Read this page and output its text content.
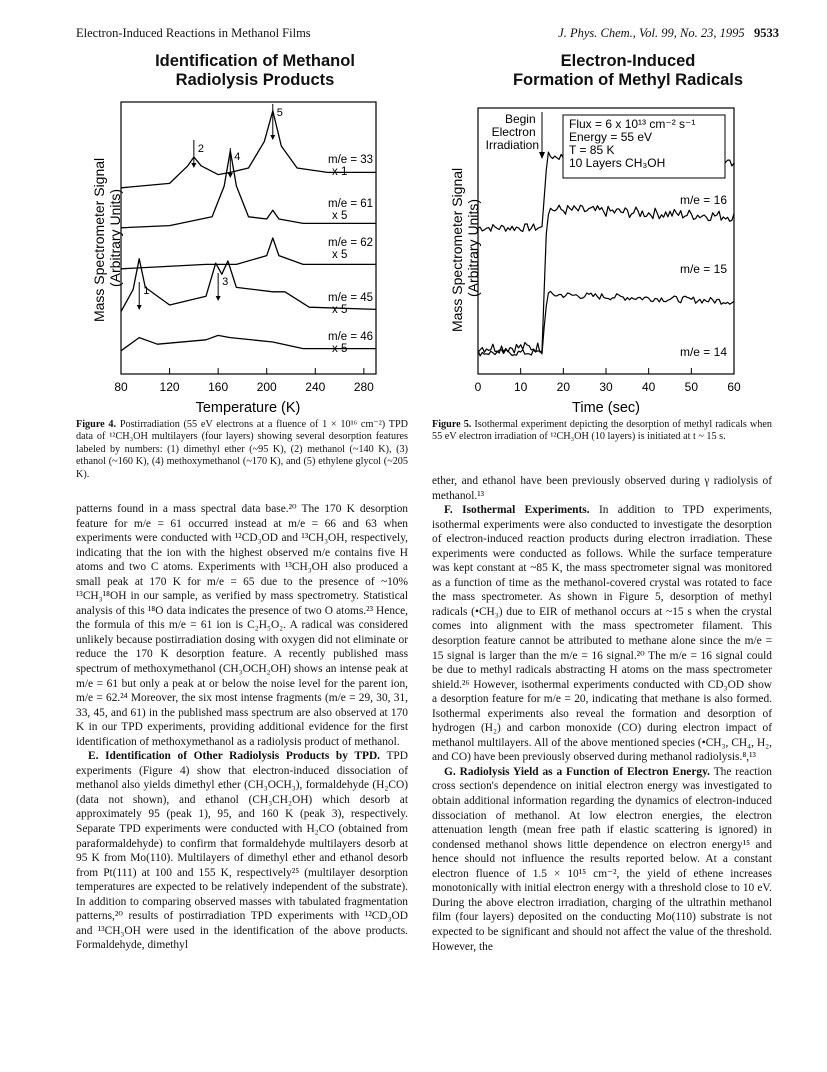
Electron-Induced Reactions in Methanol Films	J. Phys. Chem., Vol. 99, No. 23, 1995 9533
Identification of Methanol
Radiolysis Products
80	120 160 200 240 280
1
2
3
4
5
m/e = 33
x 1
m/e = 61
x 5
m/e = 62
x 5
m/e = 45
x 5
m/e = 46
x 5
Mass Spectrometer Signal (Arbitrary Units)
Temperature (K)
Figure 4. Postirradiation (55 eV electrons at a fluence of 1 × 10¹⁶ cm⁻²) TPD data of ¹²CH₃OH multilayers (four layers) showing several desorption features labeled by numbers: (1) dimethyl ether (~95 K), (2) methanol (~140 K), (3) ethanol (~160 K), (4) methoxymethanol (~170 K), and (5) ethylene glycol (~205 K).
Electron-Induced
Formation of Methyl Radicals
0	10 20 30 40 50 60
m/e = 16
m/e = 15
m/e = 14
Begin Electron Irradiation
Flux = 6 x 10¹³ cm⁻² s⁻¹ Energy = 55 eV T = 85 K 10 Layers CH₃OH
Mass Spectrometer Signal (Arbitrary Units)
Time (sec)
Figure 5. Isothermal experiment depicting the desorption of methyl radicals when 55 eV electron irradiation of ¹²CH₃OH (10 layers) is initiated at t ~ 15 s.

patterns found in a mass spectral data base.²⁰ The 170 K desorption feature for m/e = 61 occurred instead at m/e = 66 and 63 when experiments were conducted with ¹²CD₃OD and ¹³CH₃OH, respectively, indicating that the ion with the highest observed m/e contains five H atoms and two C atoms. Experiments with ¹³CH₃OH also produced a small peak at 170 K for m/e = 65 due to the presence of ~10% ¹³CH₃¹⁸OH in our sample, as verified by mass spectrometry. Statistical analysis of this ¹⁸O data indicates the presence of two O atoms.²³ Hence, the formula of this m/e = 61 ion is C₂H₅O₂. A radical was considered unlikely because postirradiation dosing with oxygen did not eliminate or reduce the 170 K desorption feature. A recently published mass spectrum of methoxymethanol (CH₃OCH₂OH) shows an intense peak at m/e = 61 but only a peak at or below the noise level for the parent ion, m/e = 62.²⁴ Moreover, the six most intense fragments (m/e = 29, 30, 31, 33, 45, and 61) in the published mass spectrum are also observed at 170 K in our TPD experiments, providing additional evidence for the first identification of methoxymethanol as a radiolysis product of methanol.

E. Identification of Other Radiolysis Products by TPD. TPD experiments (Figure 4) show that electron-induced dissociation of methanol also yields dimethyl ether (CH₃OCH₃), formaldehyde (H₂CO) (data not shown), and ethanol (CH₃CH₂OH) which desorb at approximately 95 (peak 1), 95, and 160 K (peak 3), respectively. Separate TPD experiments were conducted with H₂CO (obtained from paraformaldehyde) to confirm that formaldehyde multilayers desorb at 95 K from Mo(110). Multilayers of dimethyl ether and ethanol desorb from Pt(111) at 100 and 155 K, respectively²⁵ (multilayer desorption temperatures are expected to be relatively independent of the substrate). In addition to comparing observed masses with tabulated fragmentation patterns,²⁰ results of postirradiation TPD experiments with ¹²CD₃OD and ¹³CH₃OH were used in the identification of the above products. Formaldehyde, dimethyl

ether, and ethanol have been previously observed during γ radiolysis of methanol.¹³

F. Isothermal Experiments. In addition to TPD experiments, isothermal experiments were also conducted to investigate the desorption of electron-induced reaction products during electron irradiation. These experiments were conducted as follows. While the surface temperature was kept constant at ~85 K, the mass spectrometer signal was monitored as a function of time as the methanol-covered crystal was rotated to face the mass spectrometer. As shown in Figure 5, desorption of methyl radicals (•CH₃) due to EIR of methanol occurs at ~15 s when the crystal comes into alignment with the mass spectrometer filament. This desorption feature cannot be attributed to methane alone since the m/e = 15 signal is larger than the m/e = 16 signal.²⁰ The m/e = 16 signal could be due to methyl radicals abstracting H atoms on the mass spectrometer shield.²⁶ However, isothermal experiments conducted with CD₃OD show a desorption feature for m/e = 20, indicating that methane is also formed. Isothermal experiments also reveal the formation and desorption of hydrogen (H₂) and carbon monoxide (CO) during electron impact of methanol multilayers. All of the above mentioned species (•CH₃, CH₄, H₂, and CO) have been previously observed during methanol radiolysis.⁸,¹³

G. Radiolysis Yield as a Function of Electron Energy. The reaction cross section's dependence on initial electron energy was investigated to obtain additional information regarding the dynamics of electron-induced dissociation of methanol. At low electron energies, the electron attenuation length (mean free path if elastic scattering is ignored) in condensed methanol shows little dependence on electron energy¹⁵ and hence should not influence the results reported below. At a constant electron fluence of 1.5 × 10¹⁵ cm⁻², the yield of ethene increases monotonically with initial electron energy with a threshold close to 10 eV. During the above electron irradiation, charging of the ultrathin methanol film (four layers) deposited on the conducting Mo(110) substrate is not expected to be significant and should not affect the value of the threshold. However, the
